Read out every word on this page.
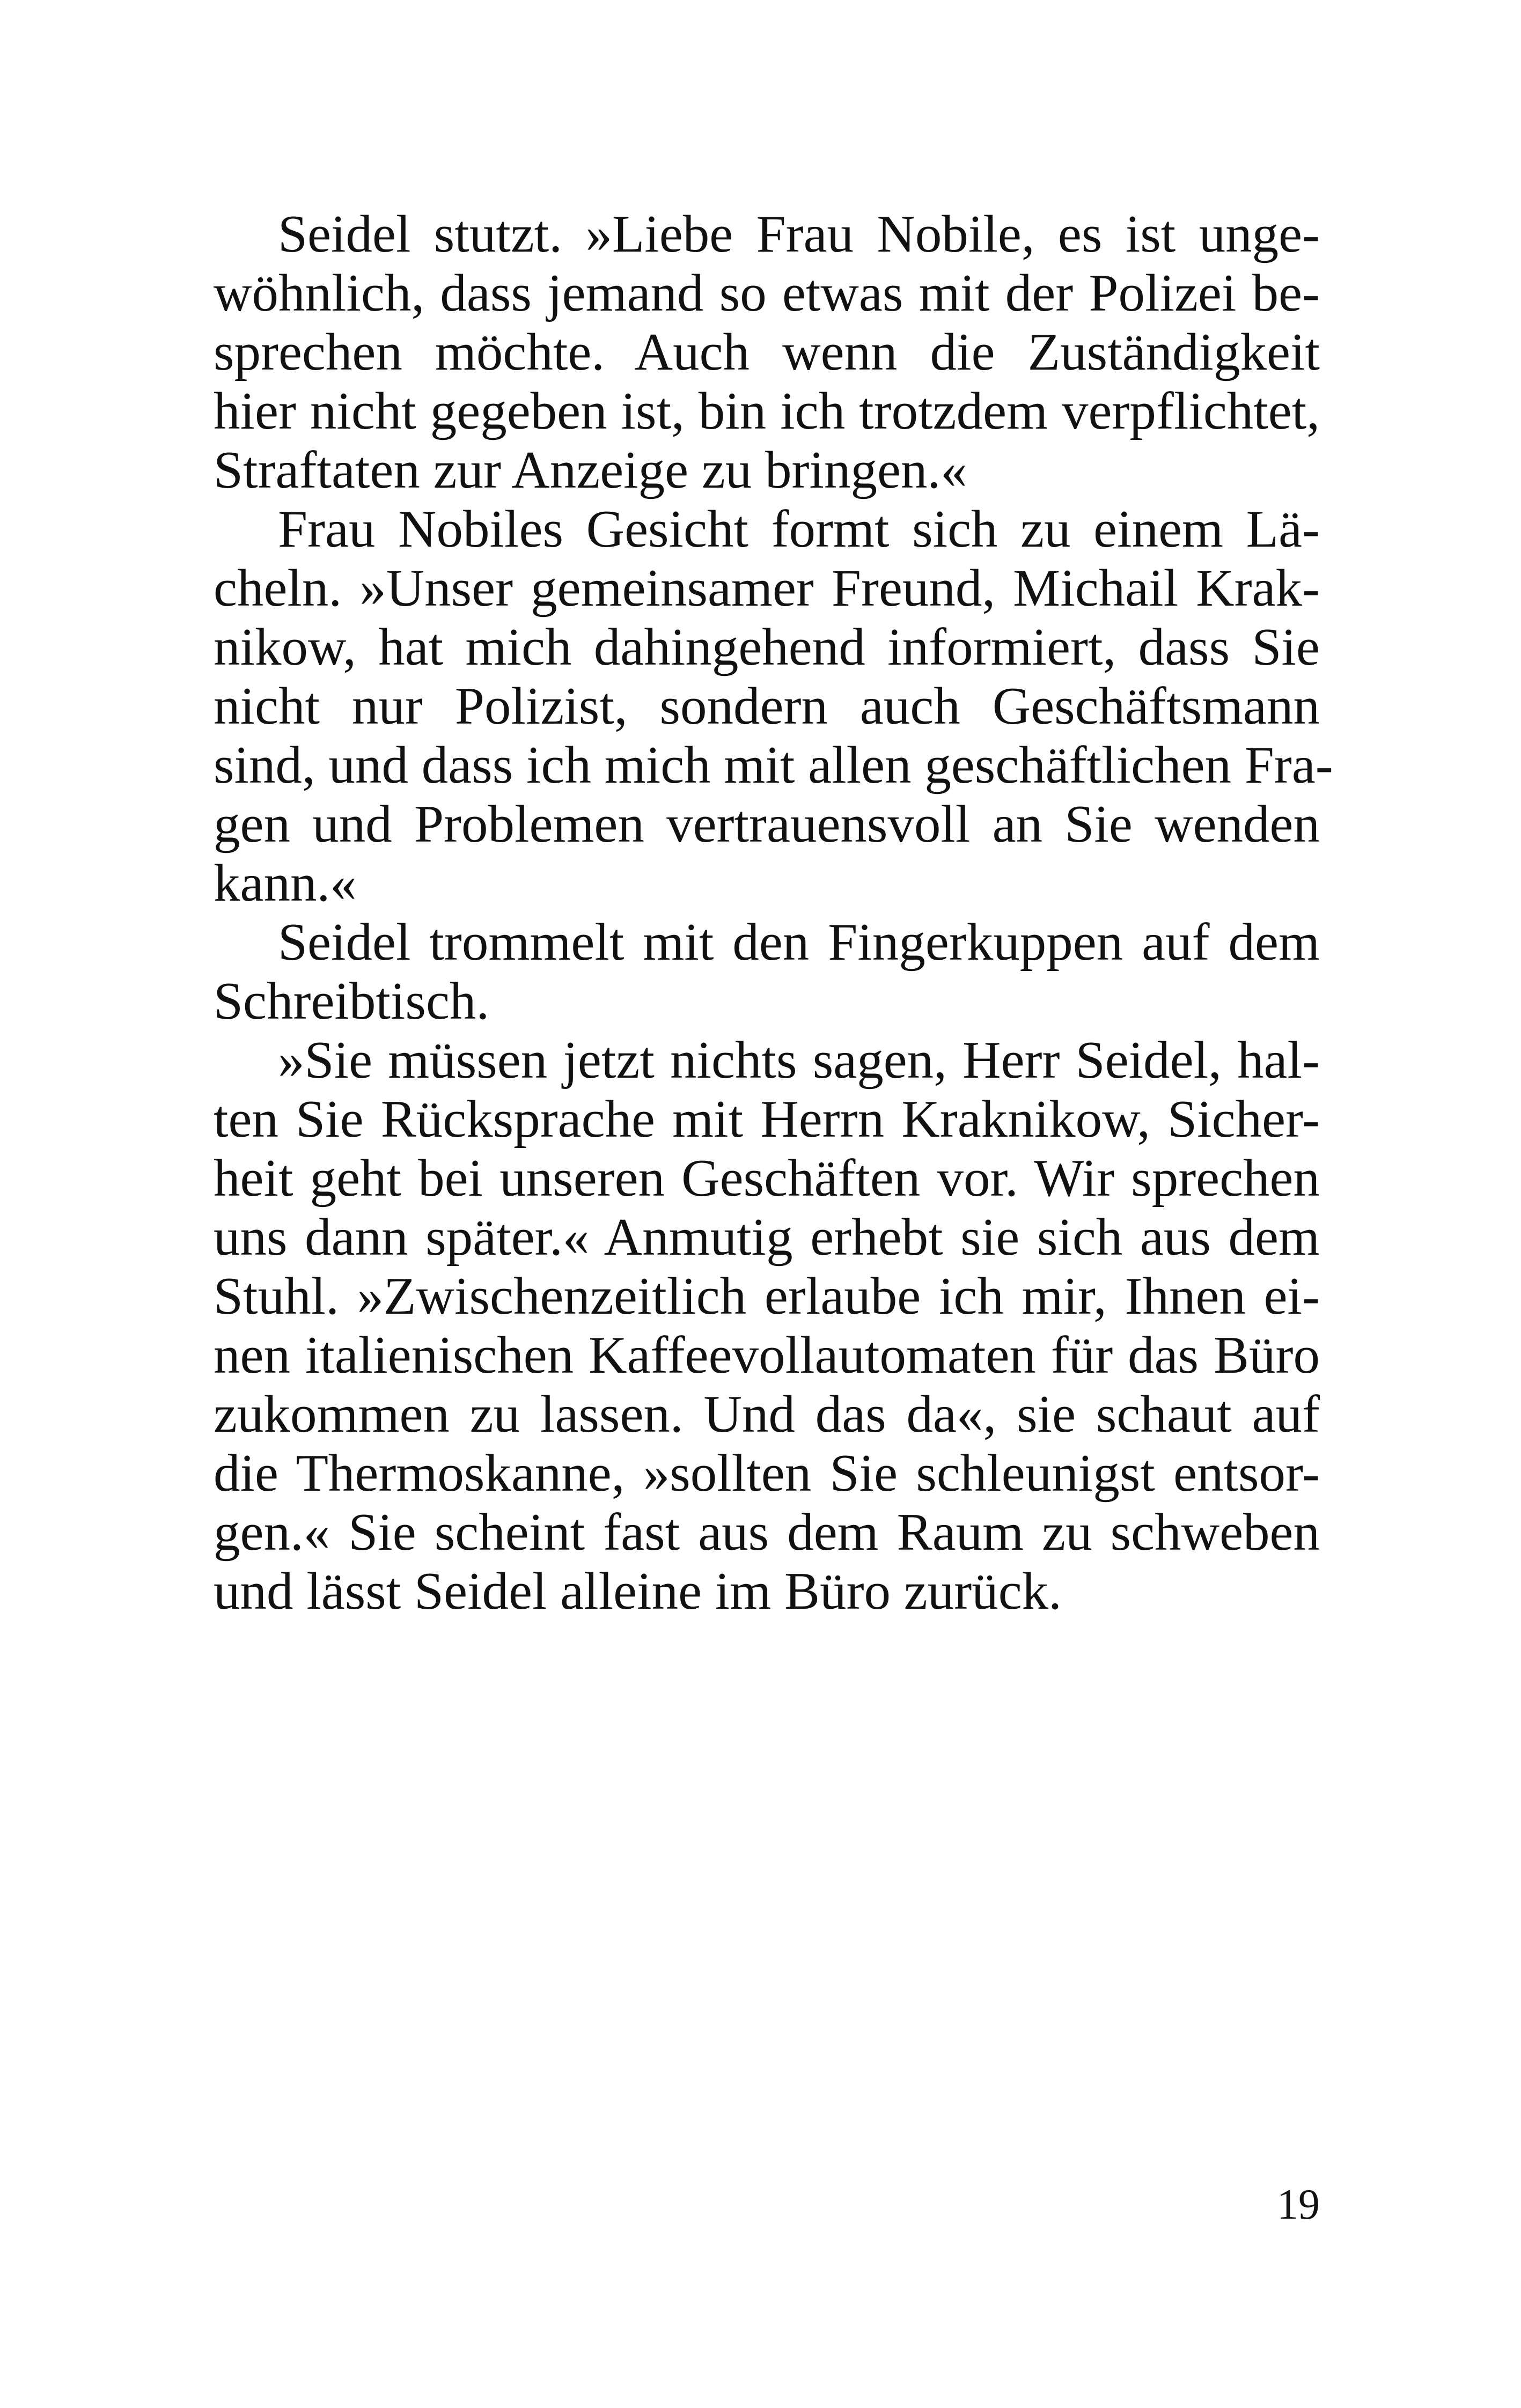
Seidel stutzt. »Liebe Frau Nobile, es ist unge-
wöhnlich, dass jemand so etwas mit der Polizei be-
sprechen möchte. Auch wenn die Zuständigkeit
hier nicht gegeben ist, bin ich trotzdem verpflichtet,
Straftaten zur Anzeige zu bringen.«
Frau Nobiles Gesicht formt sich zu einem Lä-
cheln. »Unser gemeinsamer Freund, Michail Krak-
nikow, hat mich dahingehend informiert, dass Sie
nicht nur Polizist, sondern auch Geschäftsmann
sind, und dass ich mich mit allen geschäftlichen Fra-
gen und Problemen vertrauensvoll an Sie wenden
kann.«
Seidel trommelt mit den Fingerkuppen auf dem
Schreibtisch.
»Sie müssen jetzt nichts sagen, Herr Seidel, hal-
ten Sie Rücksprache mit Herrn Kraknikow, Sicher-
heit geht bei unseren Geschäften vor. Wir sprechen
uns dann später.« Anmutig erhebt sie sich aus dem
Stuhl. »Zwischenzeitlich erlaube ich mir, Ihnen ei-
nen italienischen Kaffeevollautomaten für das Büro
zukommen zu lassen. Und das da«, sie schaut auf
die Thermoskanne, »sollten Sie schleunigst entsor-
gen.« Sie scheint fast aus dem Raum zu schweben
und lässt Seidel alleine im Büro zurück.
19
